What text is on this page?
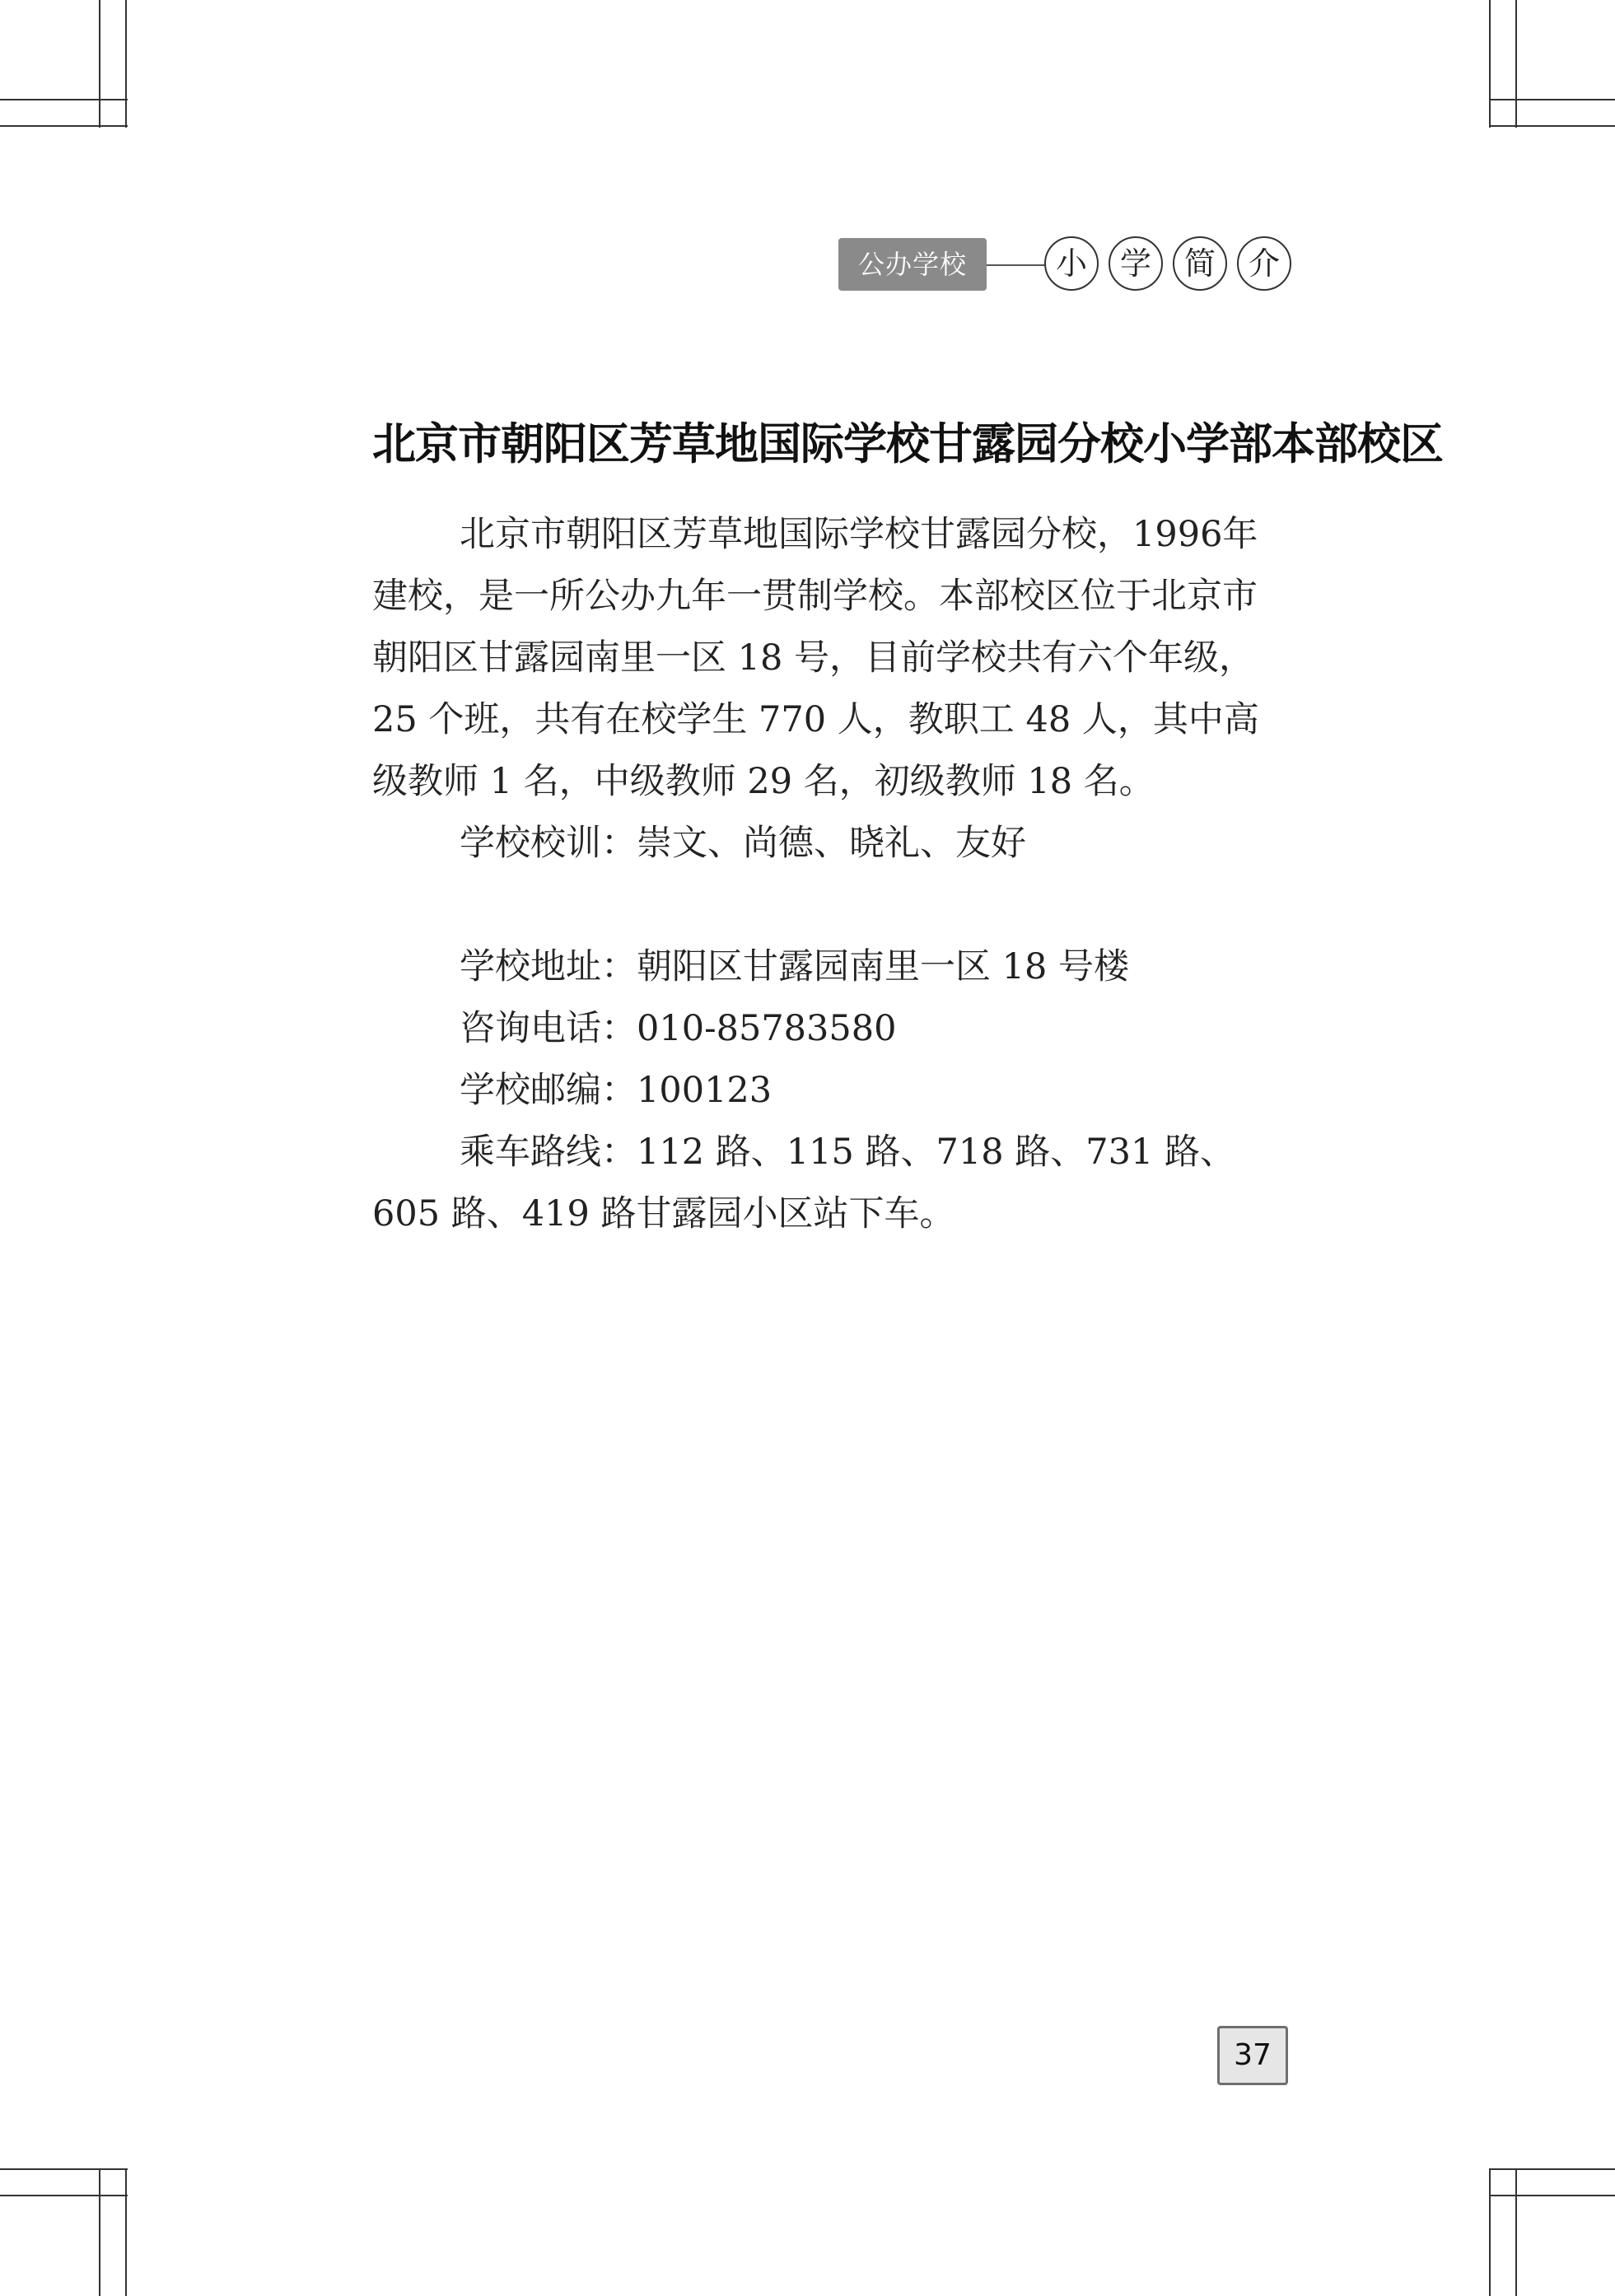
公办学校	小	学	简	介
北京市朝阳区芳草地国际学校甘露园分校小学部本部校区

北京市朝阳区芳草地国际学校甘露园分校，1996年建校，是一所公办九年一贯制学校。本部校区位于北京市朝阳区甘露园南里一区 18 号，目前学校共有六个年级， 25 个班，共有在校学生 770 人，教职工 48 人，其中高级教师 1 名，中级教师 29 名，初级教师 18 名。

学校校训：崇文、尚德、晓礼、友好

学校地址：朝阳区甘露园南里一区 18 号楼

咨询电话：010-85783580

学校邮编：100123

乘车路线：112 路、115 路、718 路、731 路、605 路、419 路甘露园小区站下车。

37
